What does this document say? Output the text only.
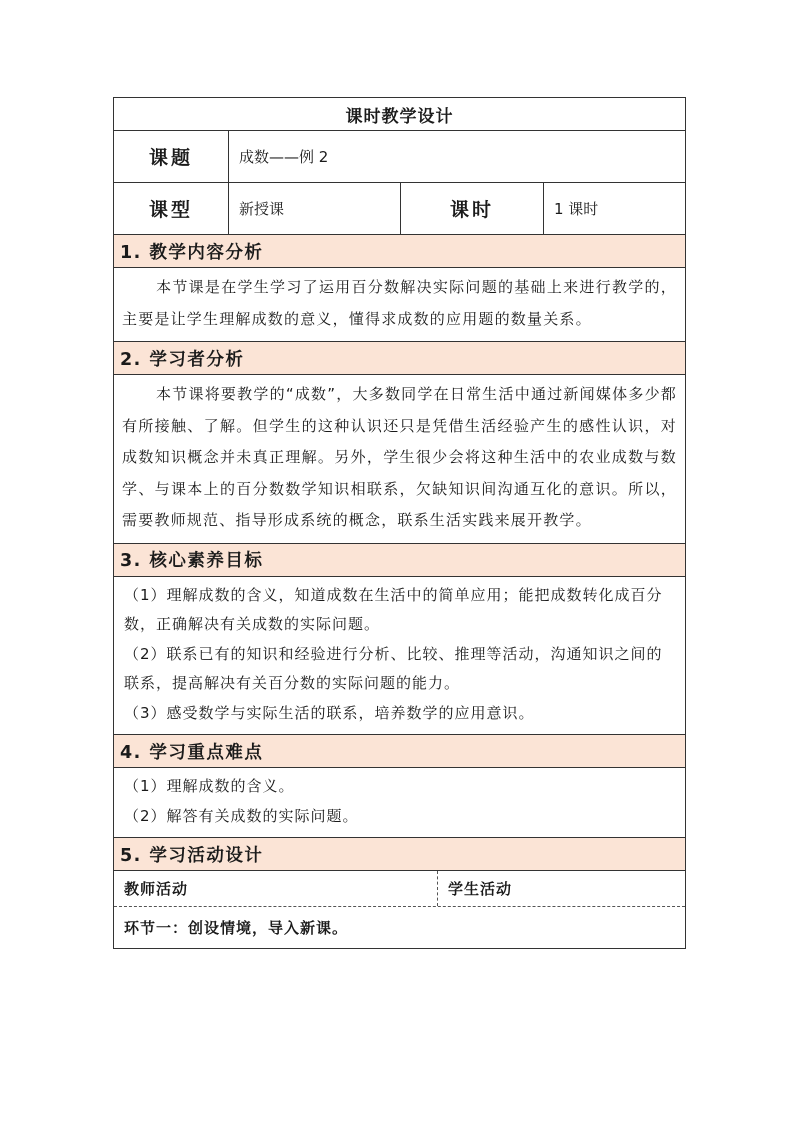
课时教学设计
课题	成数——例 2
课型	新授课	课时	1 课时
1. 教学内容分析
本节课是在学生学习了运用百分数解决实际问题的基础上来进行教学的，主要是让学生理解成数的意义，懂得求成数的应用题的数量关系。
2. 学习者分析
本节课将要教学的“成数”，大多数同学在日常生活中通过新闻媒体多少都有所接触、了解。但学生的这种认识还只是凭借生活经验产生的感性认识，对成数知识概念并未真正理解。另外，学生很少会将这种生活中的农业成数与数学、与课本上的百分数数学知识相联系，欠缺知识间沟通互化的意识。所以，需要教师规范、指导形成系统的概念，联系生活实践来展开教学。
3. 核心素养目标

（1）理解成数的含义，知道成数在生活中的简单应用；能把成数转化成百分数，正确解决有关成数的实际问题。

（2）联系已有的知识和经验进行分析、比较、推理等活动，沟通知识之间的联系，提高解决有关百分数的实际问题的能力。

（3）感受数学与实际生活的联系，培养数学的应用意识。

4. 学习重点难点

（1）理解成数的含义。

（2）解答有关成数的实际问题。

5. 学习活动设计
教师活动	学生活动
环节一：创设情境，导入新课。
